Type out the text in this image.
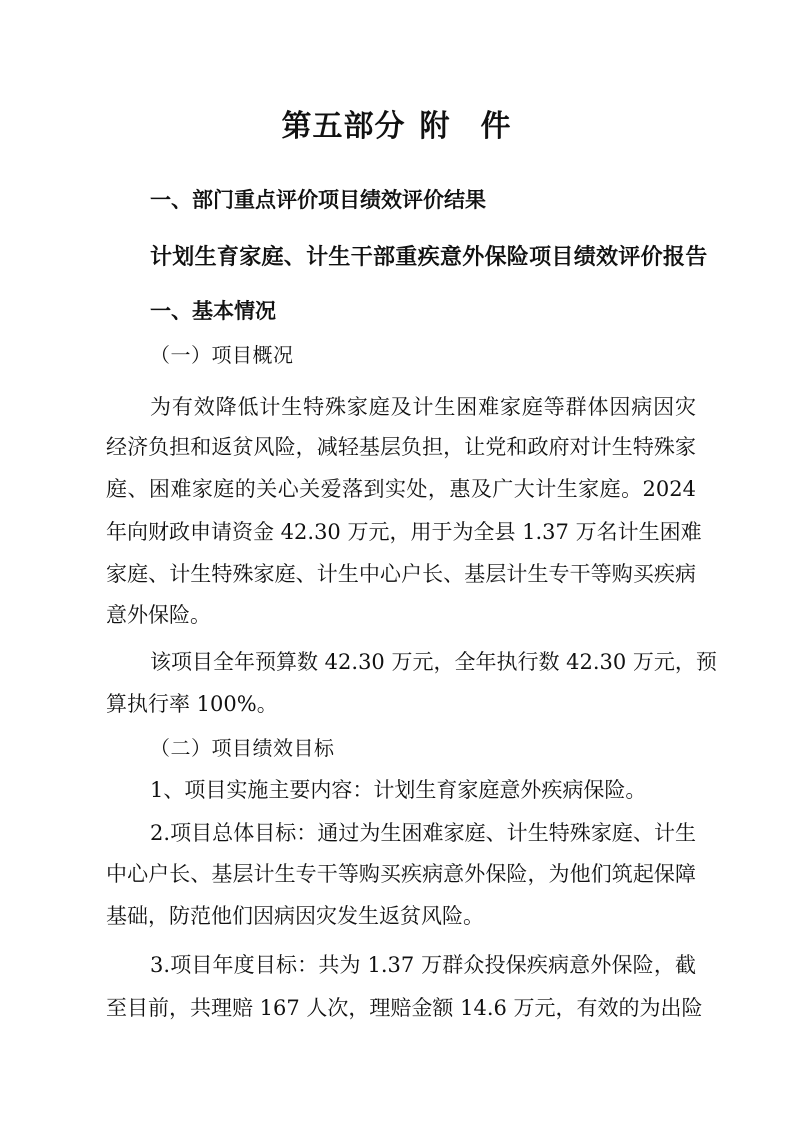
第五部分 附 件
一、部门重点评价项目绩效评价结果
计划生育家庭、计生干部重疾意外保险项目绩效评价报告
一、基本情况
（一）项目概况
为有效降低计生特殊家庭及计生困难家庭等群体因病因灾
经济负担和返贫风险，减轻基层负担，让党和政府对计生特殊家
庭、困难家庭的关心关爱落到实处，惠及广大计生家庭。2024
年向财政申请资金 42.30 万元，用于为全县 1.37 万名计生困难
家庭、计生特殊家庭、计生中心户长、基层计生专干等购买疾病
意外保险。
该项目全年预算数 42.30 万元，全年执行数 42.30 万元，预
算执行率 100%。
（二）项目绩效目标
1、项目实施主要内容：计划生育家庭意外疾病保险。
2.项目总体目标：通过为生困难家庭、计生特殊家庭、计生
中心户长、基层计生专干等购买疾病意外保险，为他们筑起保障
基础，防范他们因病因灾发生返贫风险。
3.项目年度目标：共为 1.37 万群众投保疾病意外保险，截
至目前，共理赔 167 人次，理赔金额 14.6 万元，有效的为出险
